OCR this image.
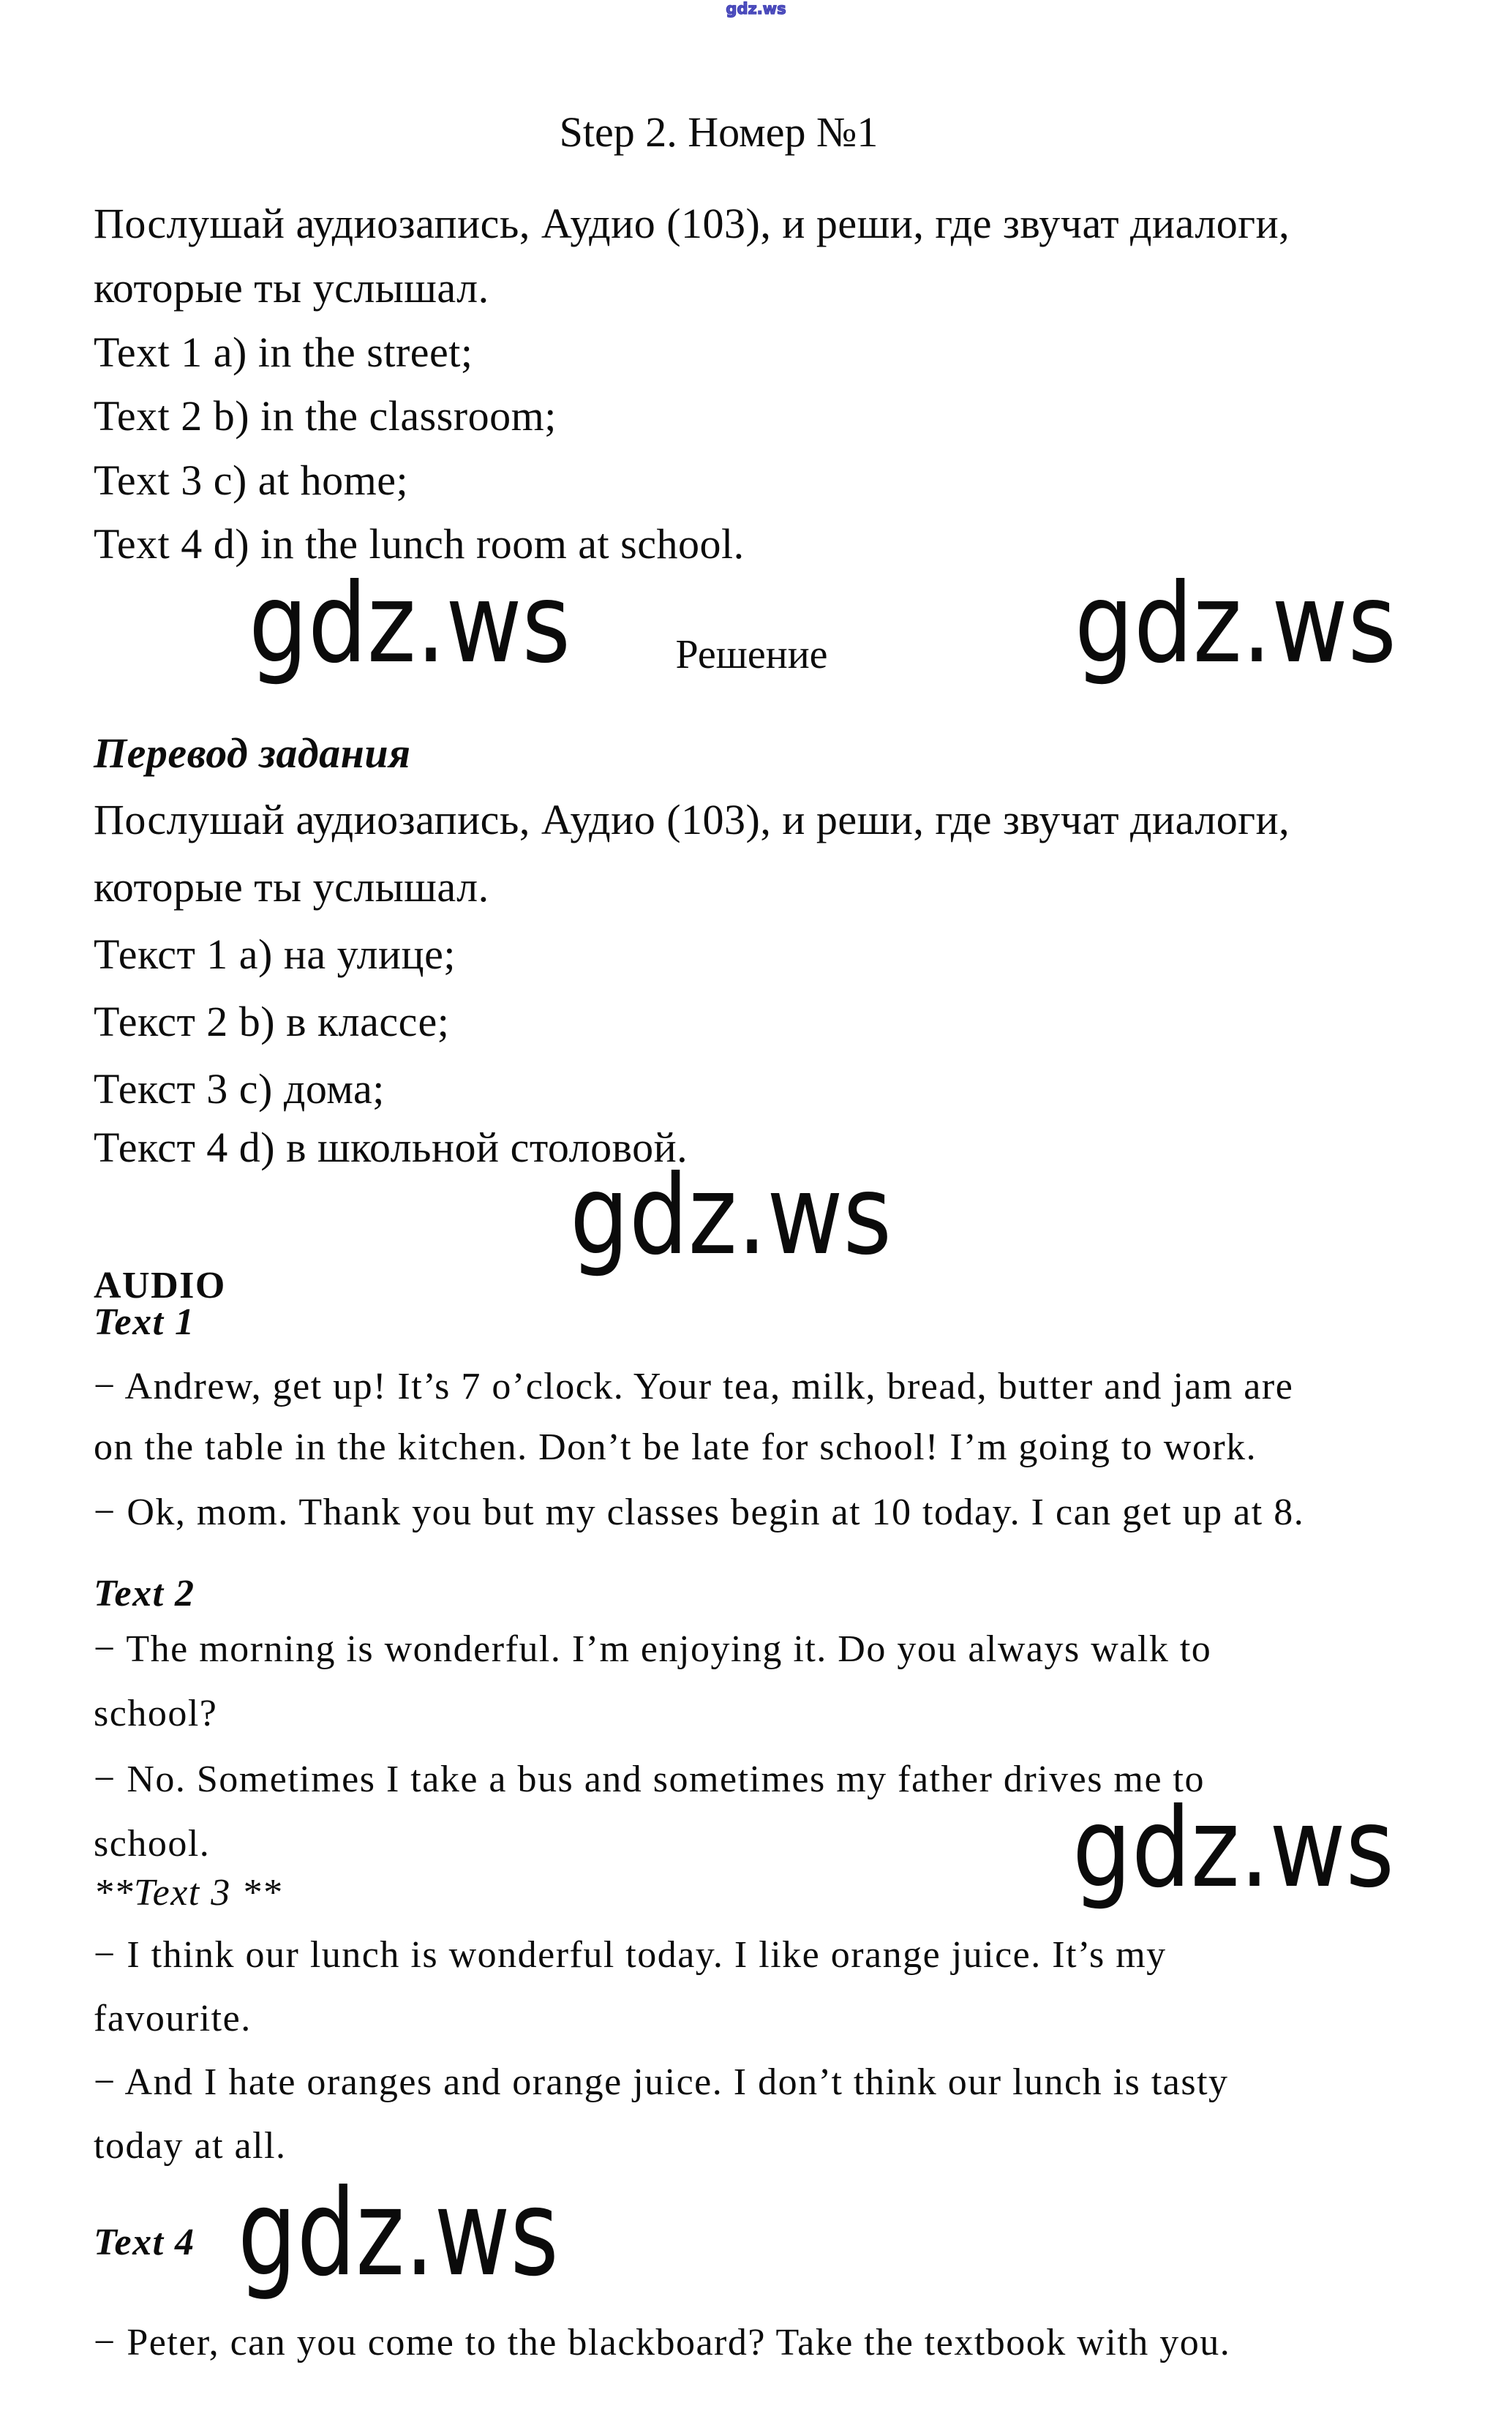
gdz.ws
Step 2. Номер №1
Послушай аудиозапись, Аудио (103), и реши, где звучат диалоги,
которые ты услышал.
Text 1 a) in the street;
Text 2 b) in the classroom;
Text 3 c) at home;
Text 4 d) in the lunch room at school.
gdz.ws	gdz.ws
Решение
Перевод задания
Послушай аудиозапись, Аудио (103), и реши, где звучат диалоги,
которые ты услышал.
Текст 1 a) на улице;
Текст 2 b) в классе;
Текст 3 c) дома;
Текст 4 d) в школьной столовой.
gdz.ws
AUDIO
Text 1
− Andrew, get up! It’s 7 o’clock. Your tea, milk, bread, butter and jam are
on the table in the kitchen. Don’t be late for school! I’m going to work.
− Ok, mom. Thank you but my classes begin at 10 today. I can get up at 8.
Text 2
− The morning is wonderful. I’m enjoying it. Do you always walk to
school?
− No. Sometimes I take a bus and sometimes my father drives me to
school.	gdz.ws
**Text 3 **
− I think our lunch is wonderful today. I like orange juice. It’s my
favourite.
− And I hate oranges and orange juice. I don’t think our lunch is tasty
today at all.
Text 4 gdz.ws
− Peter, can you come to the blackboard? Take the textbook with you.
